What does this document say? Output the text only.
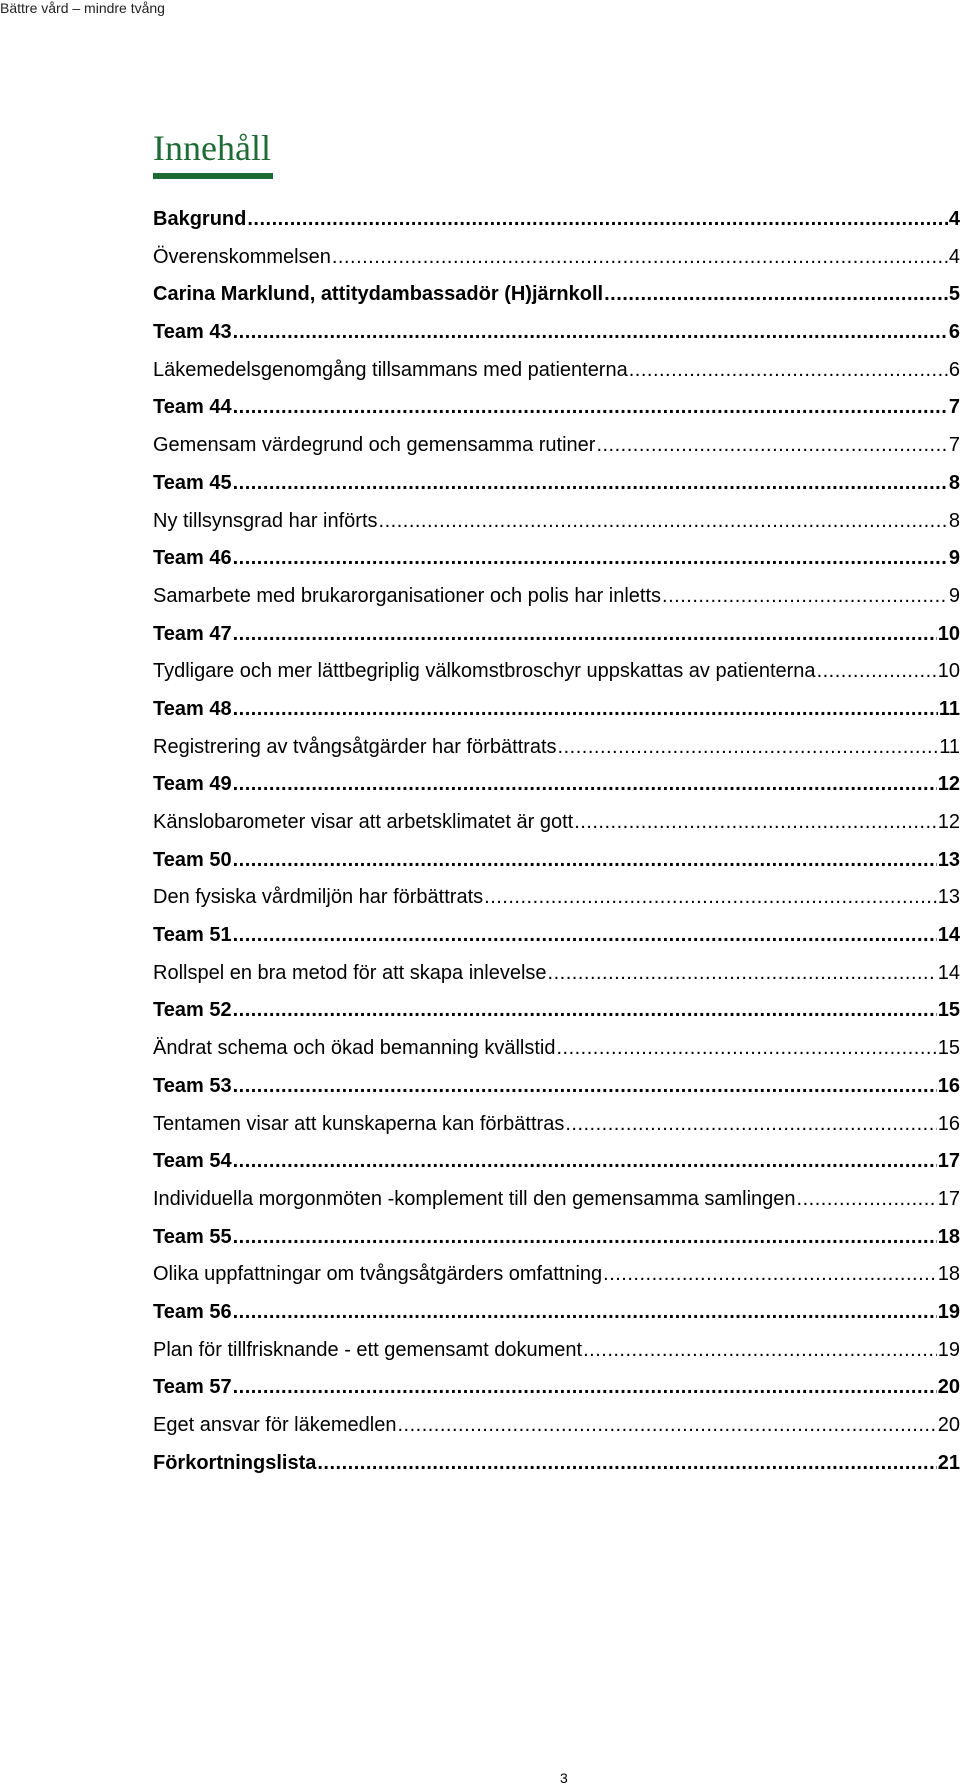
Bättre vård – mindre tvång
Innehåll
Bakgrund .....	4
Överenskommelsen .....	4
Carina Marklund, attitydambassadör (H)järnkoll .....	5
Team 43 .....	6
Läkemedelsgenomgång tillsammans med patienterna .....	6
Team 44 .....	7
Gemensam värdegrund och gemensamma rutiner .....	7
Team 45 .....	8
Ny tillsynsgrad har införts .....	8
Team 46 .....	9
Samarbete med brukarorganisationer och polis har inletts .....	9
Team 47 .....	10
Tydligare och mer lättbegriplig välkomstbroschyr uppskattas av patienterna .....	10
Team 48 .....	11
Registrering av tvångsåtgärder har förbättrats .....	11
Team 49 .....	12
Känslobarometer visar att arbetsklimatet är gott .....	12
Team 50 .....	13
Den fysiska vårdmiljön har förbättrats .....	13
Team 51 .....	14
Rollspel en bra metod för att skapa inlevelse .....	14
Team 52 .....	15
Ändrat schema och ökad bemanning kvällstid .....	15
Team 53 .....	16
Tentamen visar att kunskaperna kan förbättras .....	16
Team 54 .....	17
Individuella morgonmöten -komplement till den gemensamma samlingen .....	17
Team 55 .....	18
Olika uppfattningar om tvångsåtgärders omfattning .....	18
Team 56 .....	19
Plan för tillfrisknande - ett gemensamt dokument .....	19
Team 57 .....	20
Eget ansvar för läkemedlen .....	20
Förkortningslista .....	21
3
